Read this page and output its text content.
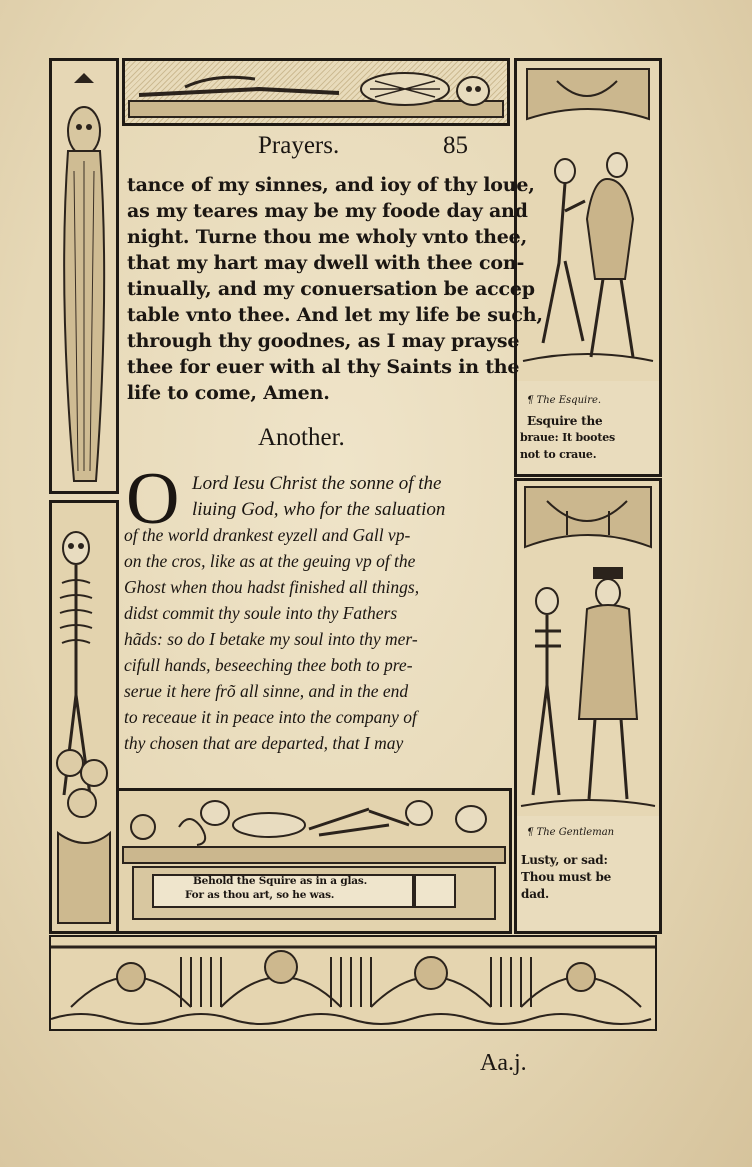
¶ The Esquire.
Esquire the
braue: It bootes
not to craue.
¶ The Gentleman
Lusty, or sad:
Thou must be
dad.
Prayers.	85
tance of my sinnes, and ioy of thy loue,
as my teares may be my foode day and
night. Turne thou me wholy vnto thee,
that my hart may dwell with thee con-
tinually, and my conuersation be accep
table vnto thee. And let my life be such,
through thy goodnes, as I may prayse
thee for euer with al thy Saints in the
life to come, Amen.
Another.
O Lord Iesu Christ the sonne of the
liuing God, who for the saluation
of the world drankest eyzell and Gall vp-
on the cros, like as at the geuing vp of the
Ghost when thou hadst finished all things,
didst commit thy soule into thy Fathers
hãds: so do I betake my soul into thy mer-
cifull hands, beseeching thee both to pre-
serue it here frõ all sinne, and in the end
to receaue it in peace into the company of
thy chosen that are departed, that I may
Behold the Squire as in a glas.
For as thou art, so he was.
Aa.j.
